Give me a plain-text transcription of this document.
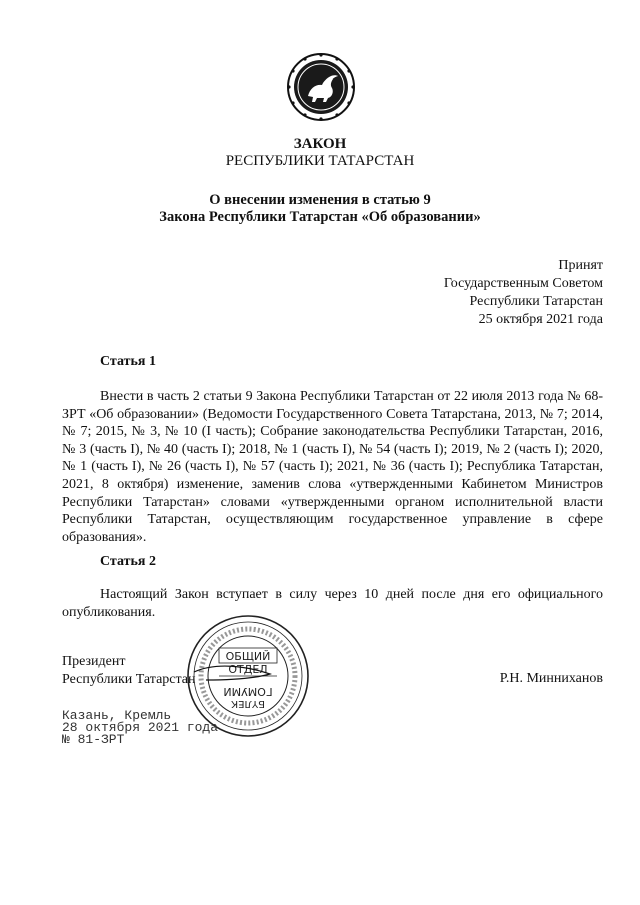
ЗАКОН
РЕСПУБЛИКИ ТАТАРСТАН
О внесении изменения в статью 9
Закона Республики Татарстан «Об образовании»
Принят
Государственным Советом
Республики Татарстан
25 октября 2021 года
Статья 1

Внести в часть 2 статьи 9 Закона Республики Татарстан от 22 июля 2013 года № 68-ЗРТ «Об образовании» (Ведомости Государственного Совета Татарстана, 2013, № 7; 2014, № 7; 2015, № 3, № 10 (I часть); Собрание законодательства Республики Татарстан, 2016, № 3 (часть I), № 40 (часть I); 2018, № 1 (часть I), № 54 (часть I); 2019, № 2 (часть I); 2020, № 1 (часть I), № 26 (часть I), № 57 (часть I); 2021, № 36 (часть I); Республика Татарстан, 2021, 8 октября) изменение, заменив слова «утвержденными Кабинетом Министров Республики Татарстан» словами «утвержденными органом исполнительной власти Республики Татарстан, осуществляющим государственное управление в сфере образования».

Статья 2

Настоящий Закон вступает в силу через 10 дней после дня его официального опубликования.

Президент
Республики Татарстан	Р.Н. Минниханов
ОБЩИЙ
ОТДЕЛ
БҮЛЕК
ГОМУМИ
Казань, Кремль
28 октября 2021 года
№ 81-ЗРТ
